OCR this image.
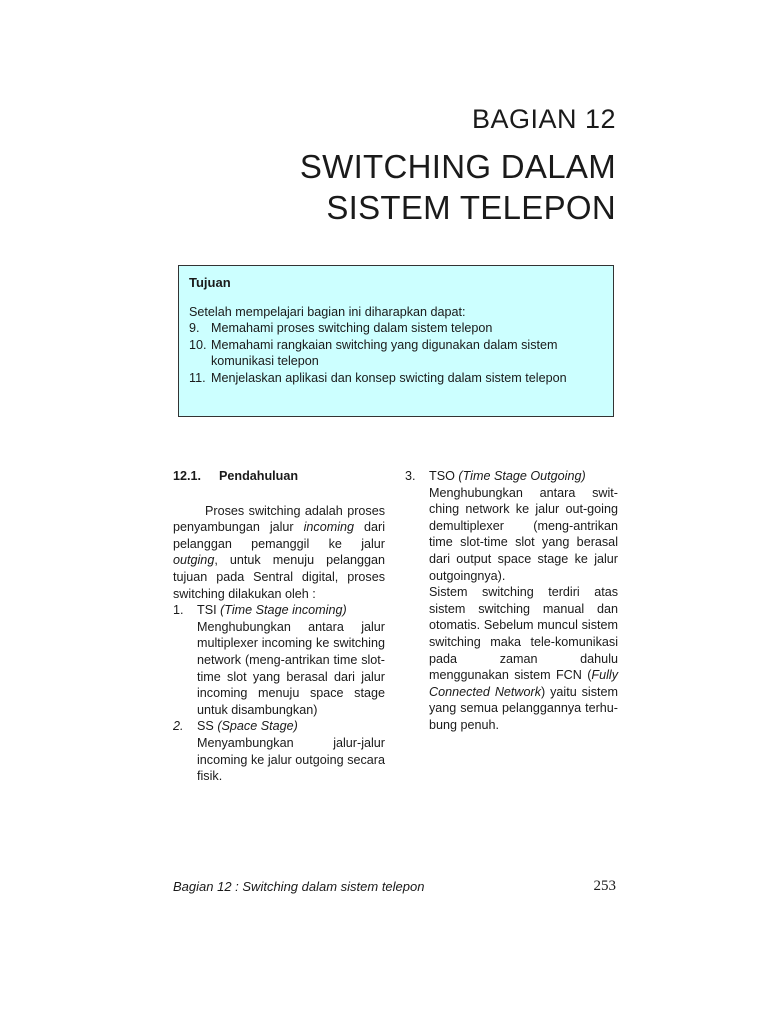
BAGIAN 12
SWITCHING DALAM
SISTEM TELEPON

Tujuan

Setelah mempelajari bagian ini diharapkan dapat:

9. Memahami proses switching dalam sistem telepon
10. Memahami rangkaian switching yang digunakan dalam sistem komunikasi telepon
11. Menjelaskan aplikasi dan konsep swicting dalam sistem telepon
12.1.	Pendahuluan

Proses switching adalah proses penyambungan jalur incoming dari pelanggan pemanggil ke jalur outging, untuk menuju pelanggan tujuan pada Sentral digital, proses switching dilakukan oleh :

1.	TSI (Time Stage incoming)

Menghubungkan antara jalur multiplexer incoming ke switching network (meng-antrikan time slot-time slot yang berasal dari jalur incoming menuju space stage untuk disambungkan)

2.	SS (Space Stage)

Menyambungkan jalur-jalur incoming ke jalur outgoing secara fisik.

3.	TSO (Time Stage Outgoing)

Menghubungkan antara swit-ching network ke jalur out-going demultiplexer (meng-antrikan time slot-time slot yang berasal dari output space stage ke jalur outgoingnya).

Sistem switching terdiri atas sistem switching manual dan otomatis. Sebelum muncul sistem switching maka tele-komunikasi pada zaman dahulu menggunakan sistem FCN (Fully Connected Network) yaitu sistem yang semua pelanggannya terhu-bung penuh.

Bagian 12 : Switching dalam sistem telepon	253
